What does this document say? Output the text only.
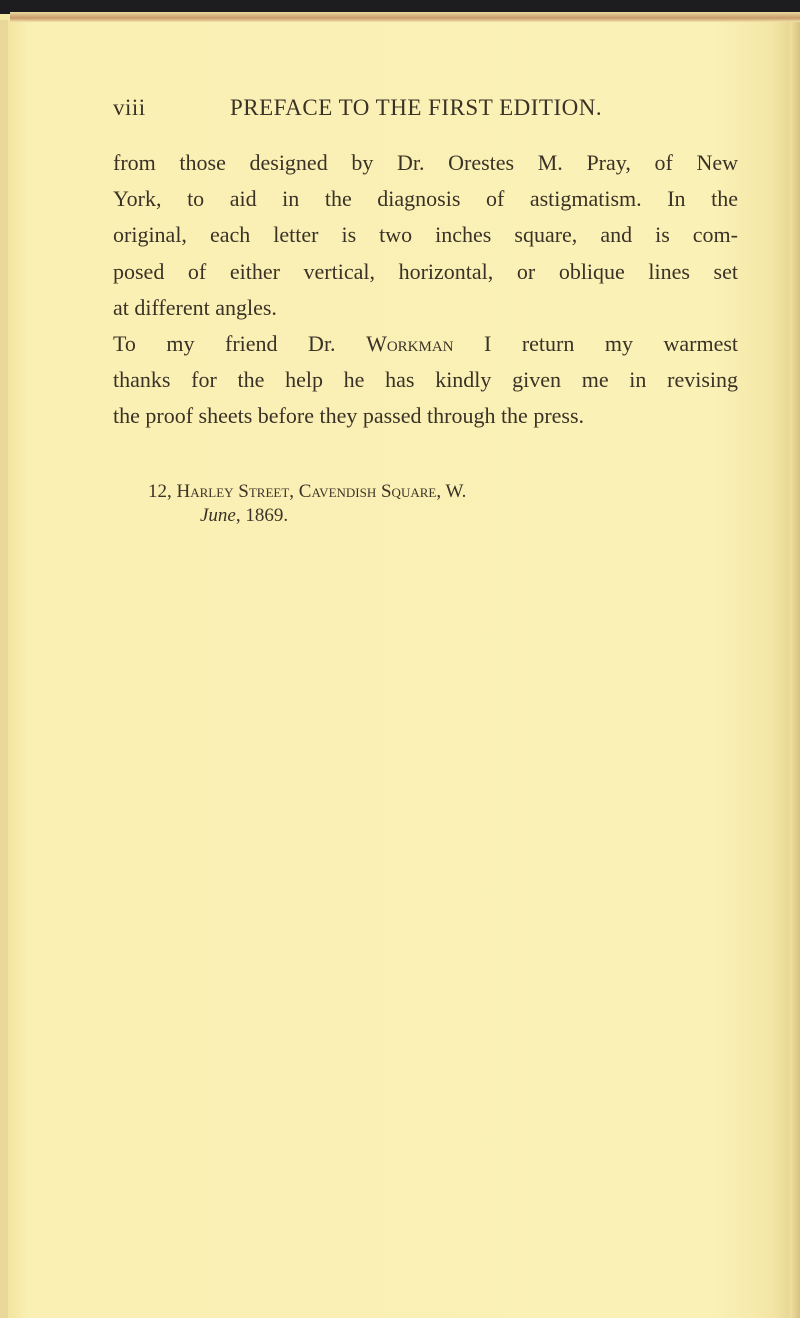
viii	PREFACE TO THE FIRST EDITION.
from those designed by Dr. Orestes M. Pray, of New
York, to aid in the diagnosis of astigmatism. In the
original, each letter is two inches square, and is com-
posed of either vertical, horizontal, or oblique lines set
at different angles.
To my friend Dr. Workman I return my warmest
thanks for the help he has kindly given me in revising
the proof sheets before they passed through the press.
12, Harley Street, Cavendish Square, W.
June, 1869.
